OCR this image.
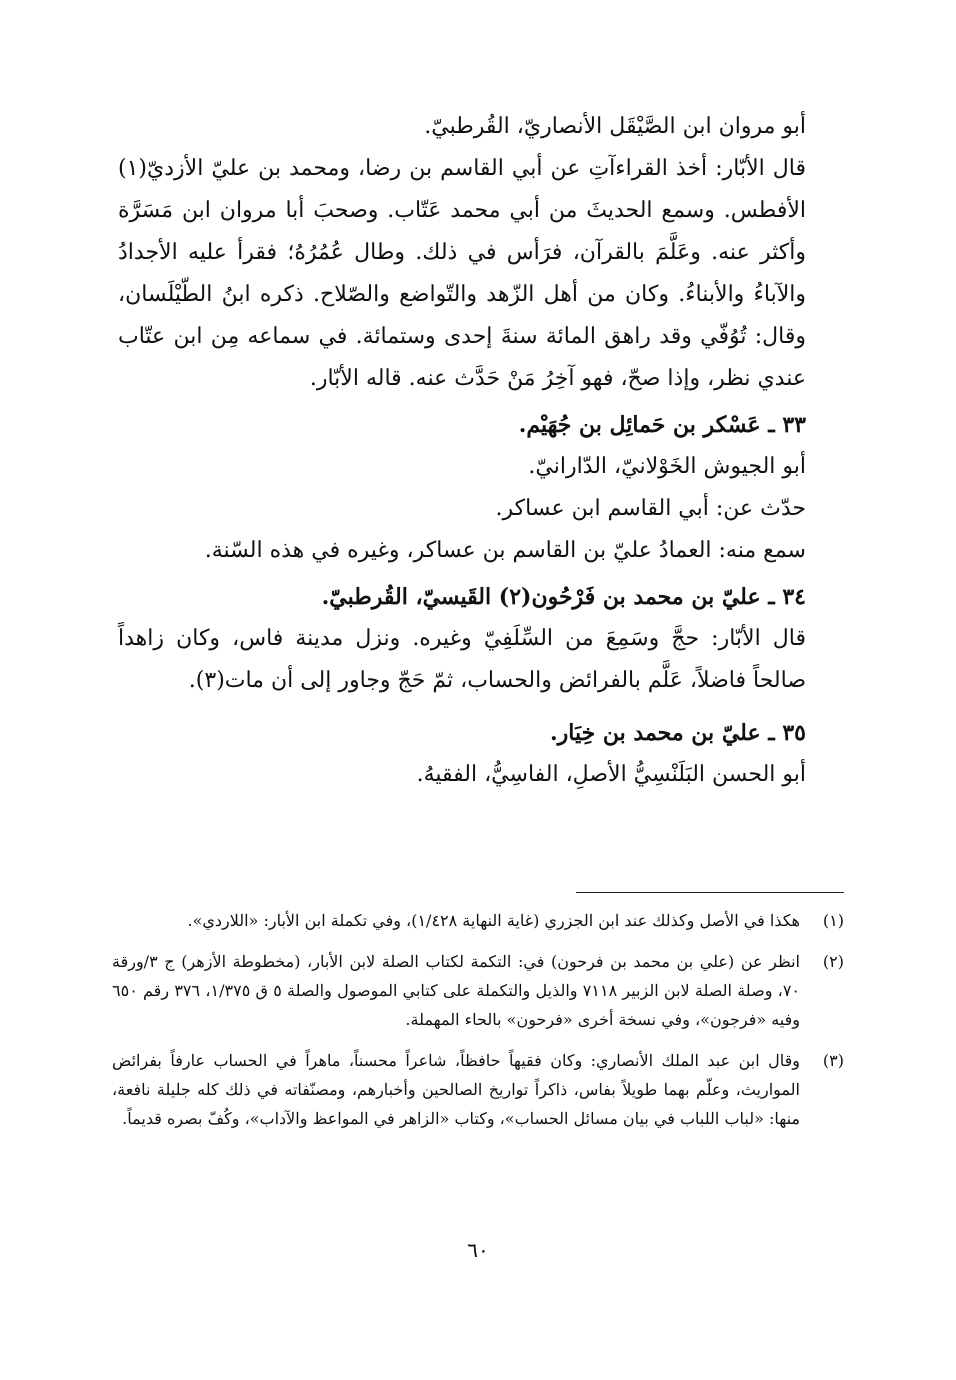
أبو مروان ابن الصَّيْقَل الأنصاريّ، القُرطبيّ.

قال الأبّار: أخذ القراءآتِ عن أبي القاسم بن رضا، ومحمد بن عليّ الأزديّ(١) الأفطس. وسمع الحديثَ من أبي محمد عَتّاب. وصحبَ أبا مروان ابن مَسَرَّة وأكثر عنه. وعَلَّمَ بالقرآن، فرَأس في ذلك. وطال عُمُرُهُ؛ فقرأ عليه الأجدادُ والآباءُ والأبناءُ. وكان من أهل الزّهد والتّواضع والصّلاح. ذكره ابنُ الطّيْلَسان، وقال: تُوُفّي وقد راهق المائة سنةَ إحدى وستمائة. في سماعه مِن ابن عتّاب عندي نظر، وإذا صحّ، فهو آخِرُ مَنْ حَدَّث عنه. قاله الأبّار.

٣٣ ـ عَسْكر بن حَمائِل بن جُهَيْم.

أبو الجيوش الخَوْلانيّ، الدّارانيّ.

حدّث عن: أبي القاسم ابن عساكر.

سمع منه: العمادُ عليّ بن القاسم بن عساكر، وغيره في هذه السّنة.

٣٤ ـ عليّ بن محمد بن فَرْحُون(٢) القَيسيّ، القُرطبيّ.

قال الأبّار: حجَّ وسَمِعَ من السِّلَفِيّ وغيره. ونزل مدينة فاس، وكان زاهداً صالحاً فاضلاً، عَلَّم بالفرائض والحساب، ثمّ حَجّ وجاور إلى أن مات(٣).

٣٥ ـ عليّ بن محمد بن خِيَار.

أبو الحسن البَلَنْسِيُّ الأصلِ، الفاسِيُّ، الفقيهُ.

(١)
هكذا في الأصل وكذلك عند ابن الجزري (غاية النهاية ١/٤٢٨)، وفي تكملة ابن الأبار: «اللاردي».
(٢)
انظر عن (علي بن محمد بن فرحون) في: التكمة لكتاب الصلة لابن الأبار، (مخطوطة الأزهر) ج ٣/ورقة ٧٠، وصلة الصلة لابن الزبير ٧١١٨ والذيل والتكملة على كتابي الموصول والصلة ٥ ق ١/٣٧٥، ٣٧٦ رقم ٦٥٠ وفيه «فرجون»، وفي نسخة أخرى «فرحون» بالحاء المهملة.
(٣)
وقال ابن عبد الملك الأنصاري: وكان فقيهاً حافظاً، شاعراً محسناً، ماهراً في الحساب عارفاً بفرائض المواريث، وعلّم بهما طويلاً بفاس، ذاكراً تواريخ الصالحين وأخبارهم، ومصنّفاته في ذلك كله جليلة نافعة، منها: «لباب اللباب في بيان مسائل الحساب»، وكتاب «الزاهر في المواعظ والآداب»، وكُفّ بصره قديماً.
٦٠
